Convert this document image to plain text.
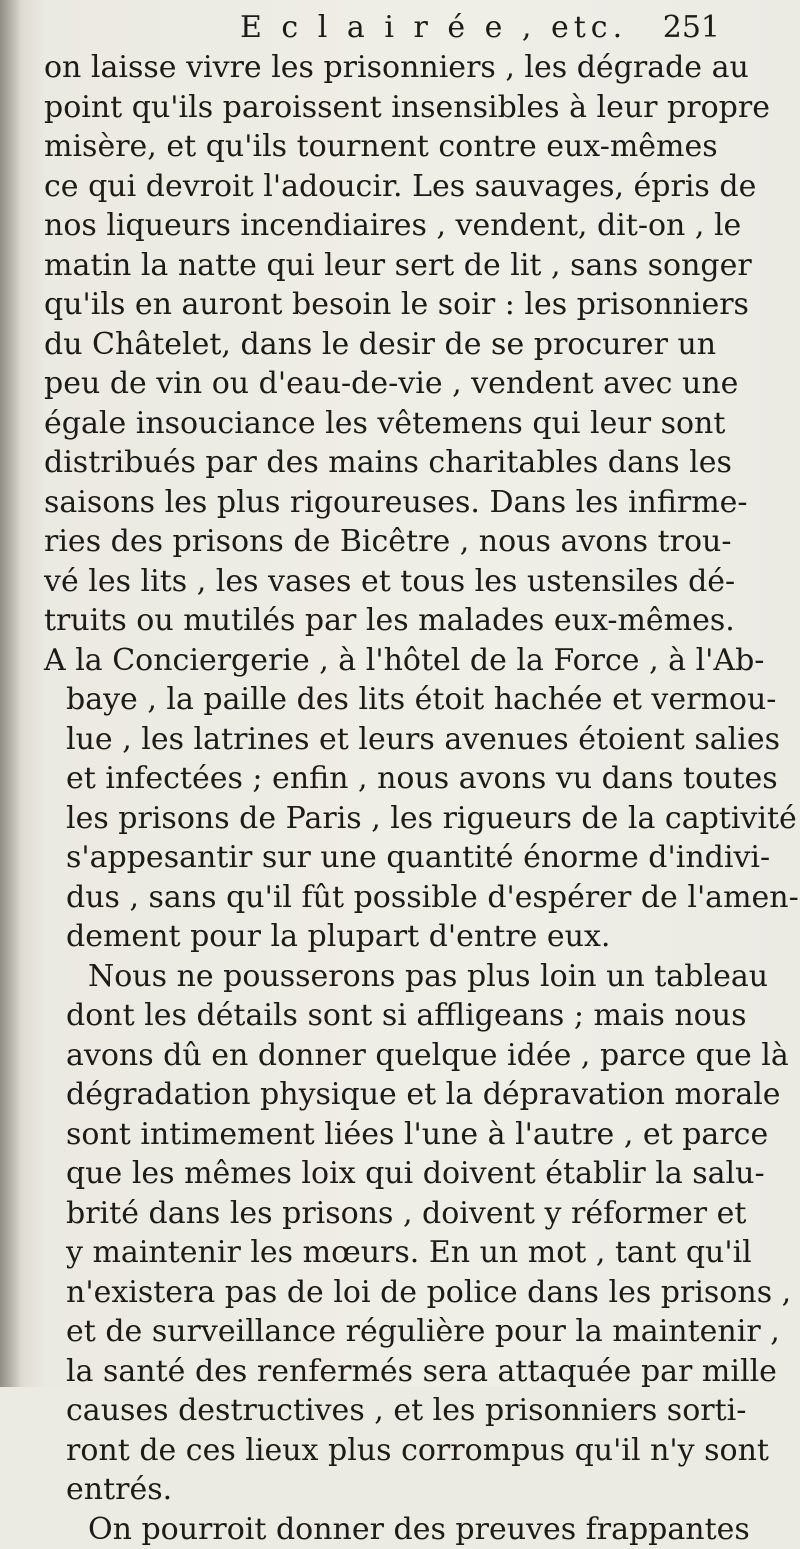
E c l a i r é e , etc. 251
on laisse vivre les prisonniers , les dégrade au
point qu'ils paroissent insensibles à leur propre
misère, et qu'ils tournent contre eux-mêmes
ce qui devroit l'adoucir. Les sauvages, épris de
nos liqueurs incendiaires , vendent, dit-on , le
matin la natte qui leur sert de lit , sans songer
qu'ils en auront besoin le soir : les prisonniers
du Châtelet, dans le desir de se procurer un
peu de vin ou d'eau-de-vie , vendent avec une
égale insouciance les vêtemens qui leur sont
distribués par des mains charitables dans les
saisons les plus rigoureuses. Dans les infirme-
ries des prisons de Bicêtre , nous avons trou-
vé les lits , les vases et tous les ustensiles dé-
truits ou mutilés par les malades eux-mêmes.
A la Conciergerie , à l'hôtel de la Force , à l'Ab-
baye , la paille des lits étoit hachée et vermou-
lue , les latrines et leurs avenues étoient salies
et infectées ; enfin , nous avons vu dans toutes
les prisons de Paris , les rigueurs de la captivité
s'appesantir sur une quantité énorme d'indivi-
dus , sans qu'il fût possible d'espérer de l'amen-
dement pour la plupart d'entre eux.
Nous ne pousserons pas plus loin un tableau
dont les détails sont si affligeans ; mais nous
avons dû en donner quelque idée , parce que là
dégradation physique et la dépravation morale
sont intimement liées l'une à l'autre , et parce
que les mêmes loix qui doivent établir la salu-
brité dans les prisons , doivent y réformer et
y maintenir les mœurs. En un mot , tant qu'il
n'existera pas de loi de police dans les prisons ,
et de surveillance régulière pour la maintenir ,
la santé des renfermés sera attaquée par mille
causes destructives , et les prisonniers sorti-
ront de ces lieux plus corrompus qu'il n'y sont
entrés.
On pourroit donner des preuves frappantes
